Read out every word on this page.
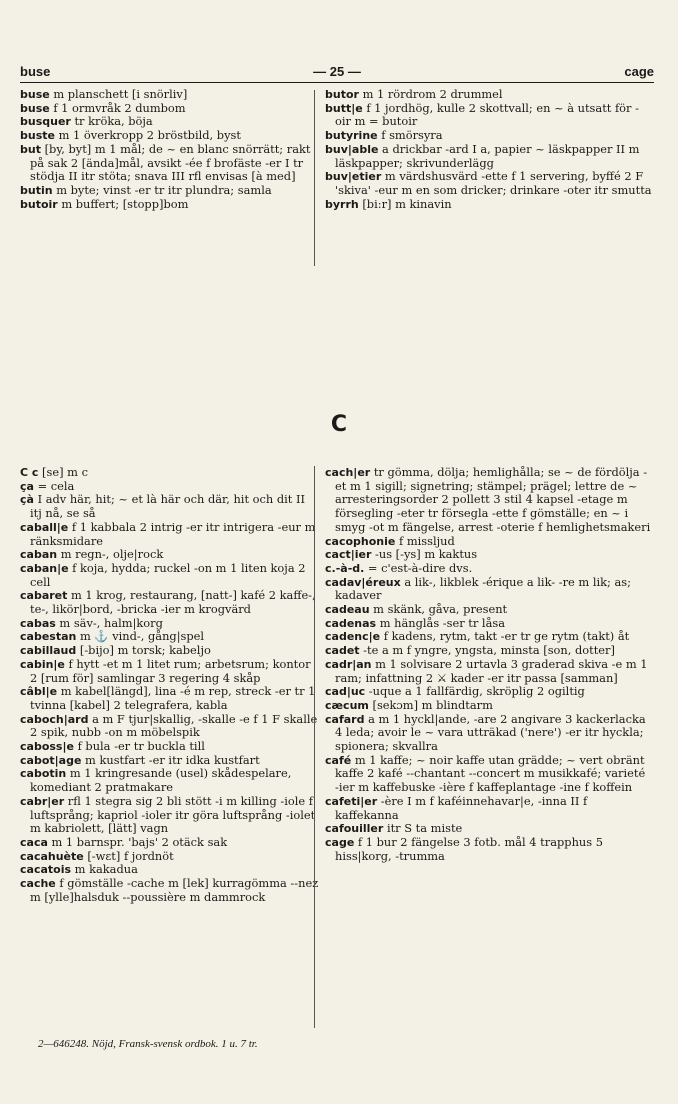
buse	— 25 —	cage

buse m planschett [i snörliv]

buse f 1 ormvråk 2 dumbom

busquer tr kröka, böja

buste m 1 överkropp 2 bröstbild, byst

but [by, byt] m 1 mål; de ~ en blanc snörrätt; rakt på sak 2 [ända]mål, avsikt -ée f brofäste -er I tr stödja II itr stöta; snava III rfl envisas [à med]

butin m byte; vinst -er tr itr plundra; samla

butoir m buffert; [stopp]bom

butor m 1 rördrom 2 drummel

butt|e f 1 jordhög, kulle 2 skottvall; en ~ à utsatt för -oir m = butoir

butyrine f smörsyra

buv|able a drickbar -ard I a, papier ~ läskpapper II m läskpapper; skrivunderlägg

buv|etier m värdshusvärd -ette f 1 servering, byffé 2 F 'skiva' -eur m en som dricker; drinkare -oter itr smutta

byrrh [bi:r] m kinavin

C

C c [se] m c

ça = cela

çà I adv här, hit; ~ et là här och där, hit och dit II itj nå, se så

caball|e f 1 kabbala 2 intrig -er itr intrigera -eur m ränksmidare

caban m regn-, olje|rock

caban|e f koja, hydda; ruckel -on m 1 liten koja 2 cell

cabaret m 1 krog, restaurang, [natt-] kafé 2 kaffe-, te-, likör|bord, -bricka -ier m krogvärd

cabas m säv-, halm|korg

cabestan m ⚓ vind-, gång|spel

cabillaud [-bijo] m torsk; kabeljo

cabin|e f hytt -et m 1 litet rum; arbetsrum; kontor 2 [rum för] samlingar 3 regering 4 skåp

câbl|e m kabel[längd], lina -é m rep, streck -er tr 1 tvinna [kabel] 2 telegrafera, kabla

caboch|ard a m F tjur|skallig, -skalle -e f 1 F skalle 2 spik, nubb -on m möbelspik

caboss|e f bula -er tr buckla till

cabot|age m kustfart -er itr idka kustfart

cabotin m 1 kringresande (usel) skådespelare, komediant 2 pratmakare

cabr|er rfl 1 stegra sig 2 bli stött -i m killing -iole f luftsprång; kapriol -ioler itr göra luftsprång -iolet m kabriolett, [lätt] vagn

caca m 1 barnspr. 'bajs' 2 otäck sak

cacahuète [-wɛt] f jordnöt

cacatois m kakadua

cache f gömställe -cache m [lek] kurragömma --nez m [ylle]halsduk --poussière m dammrock

cach|er tr gömma, dölja; hemlighålla; se ~ de fördölja -et m 1 sigill; signetring; stämpel; prägel; lettre de ~ arresteringsorder 2 pollett 3 stil 4 kapsel -etage m försegling -eter tr försegla -ette f gömställe; en ~ i smyg -ot m fängelse, arrest -oterie f hemlighetsmakeri

cacophonie f missljud

cact|ier -us [-ys] m kaktus

c.-à-d. = c'est-à-dire dvs.

cadav|éreux a lik-, likblek -érique a lik- -re m lik; as; kadaver

cadeau m skänk, gåva, present

cadenas m hänglås -ser tr låsa

cadenc|e f kadens, rytm, takt -er tr ge rytm (takt) åt

cadet -te a m f yngre, yngsta, minsta [son, dotter]

cadr|an m 1 solvisare 2 urtavla 3 graderad skiva -e m 1 ram; infattning 2 ⚔ kader -er itr passa [samman]

cad|uc -uque a 1 fallfärdig, skröplig 2 ogiltig

cæcum [sekɔm] m blindtarm

cafard a m 1 hyckl|ande, -are 2 angivare 3 kackerlacka 4 leda; avoir le ~ vara utträkad ('nere') -er itr hyckla; spionera; skvallra

café m 1 kaffe; ~ noir kaffe utan grädde; ~ vert obränt kaffe 2 kafé --chantant --concert m musikkafé; varieté -ier m kaffebuske -ière f kaffeplantage -ine f koffein

cafeti|er -ère I m f kaféinnehavar|e, -inna II f kaffekanna

cafouiller itr S ta miste

cage f 1 bur 2 fängelse 3 fotb. mål 4 trapphus 5 hiss|korg, -trumma

2—646248. Nöjd, Fransk-svensk ordbok. 1 u. 7 tr.
